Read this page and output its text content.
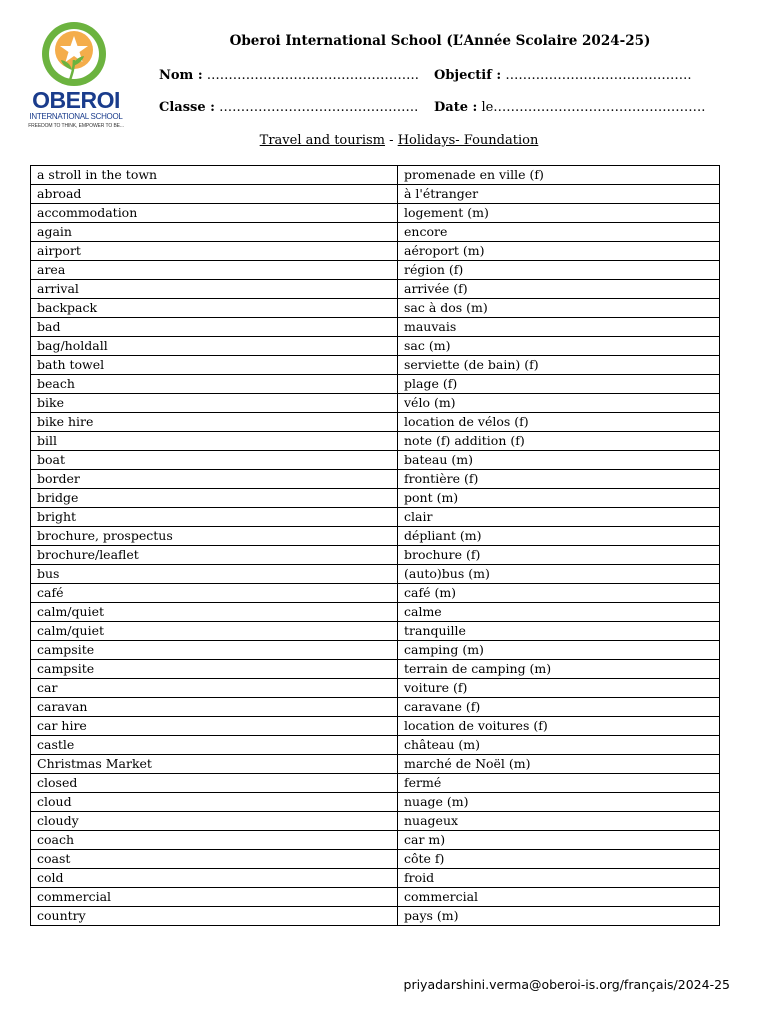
OBEROI
INTERNATIONAL SCHOOL
FREEDOM TO THINK, EMPOWER TO BE...
Oberoi International School (L’Année Scolaire 2024-25)
Nom : …………………………………………. Objectif : …………………………………….
Classe : ………………………………………. Date : le………………………………………….
Travel and tourism - Holidays- Foundation
a stroll in the town	promenade en ville (f)
abroad	à l'étranger
accommodation	logement (m)
again	encore
airport	aéroport (m)
area	région (f)
arrival	arrivée (f)
backpack	sac à dos (m)
bad	mauvais
bag/holdall	sac (m)
bath towel	serviette (de bain) (f)
beach	plage (f)
bike	vélo (m)
bike hire	location de vélos (f)
bill	note (f) addition (f)
boat	bateau (m)
border	frontière (f)
bridge	pont (m)
bright	clair
brochure, prospectus	dépliant (m)
brochure/leaflet	brochure (f)
bus	(auto)bus (m)
café	café (m)
calm/quiet	calme
calm/quiet	tranquille
campsite	camping (m)
campsite	terrain de camping (m)
car	voiture (f)
caravan	caravane (f)
car hire	location de voitures (f)
castle	château (m)
Christmas Market	marché de Noël (m)
closed	fermé
cloud	nuage (m)
cloudy	nuageux
coach	car m)
coast	côte f)
cold	froid
commercial	commercial
country	pays (m)
priyadarshini.verma@oberoi-is.org/français/2024-25
